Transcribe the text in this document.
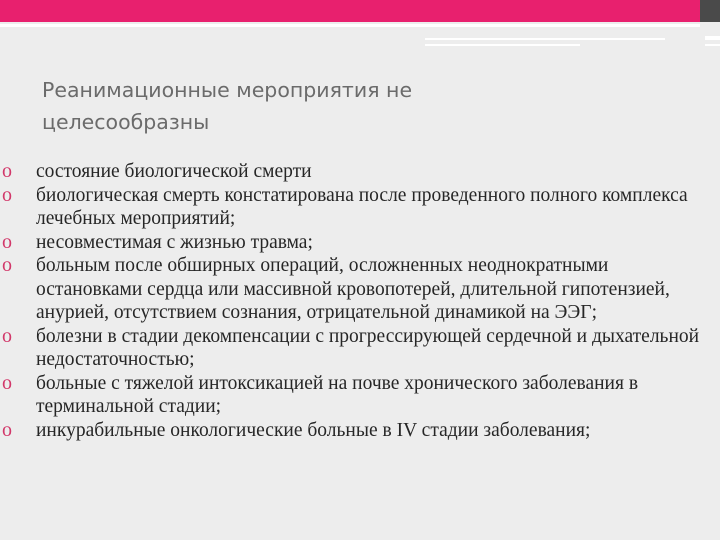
Реанимационные мероприятия не целесообразны
o состояние биологической смерти
o биологическая смерть констатирована после проведенного полного комплекса лечебных мероприятий;
o несовместимая с жизнью травма;
o больным после обширных операций, осложненных неоднократными остановками сердца или массивной кровопотерей, длительной гипотензией, анурией, отсутствием сознания, отрицательной динамикой на ЭЭГ;
o болезни в стадии декомпенсации с прогрессирующей сердечной и дыхательной недостаточностью;
o больные с тяжелой интоксикацией на почве хронического заболевания в терминальной стадии;
o инкурабильные онкологические больные в IV стадии заболевания;
